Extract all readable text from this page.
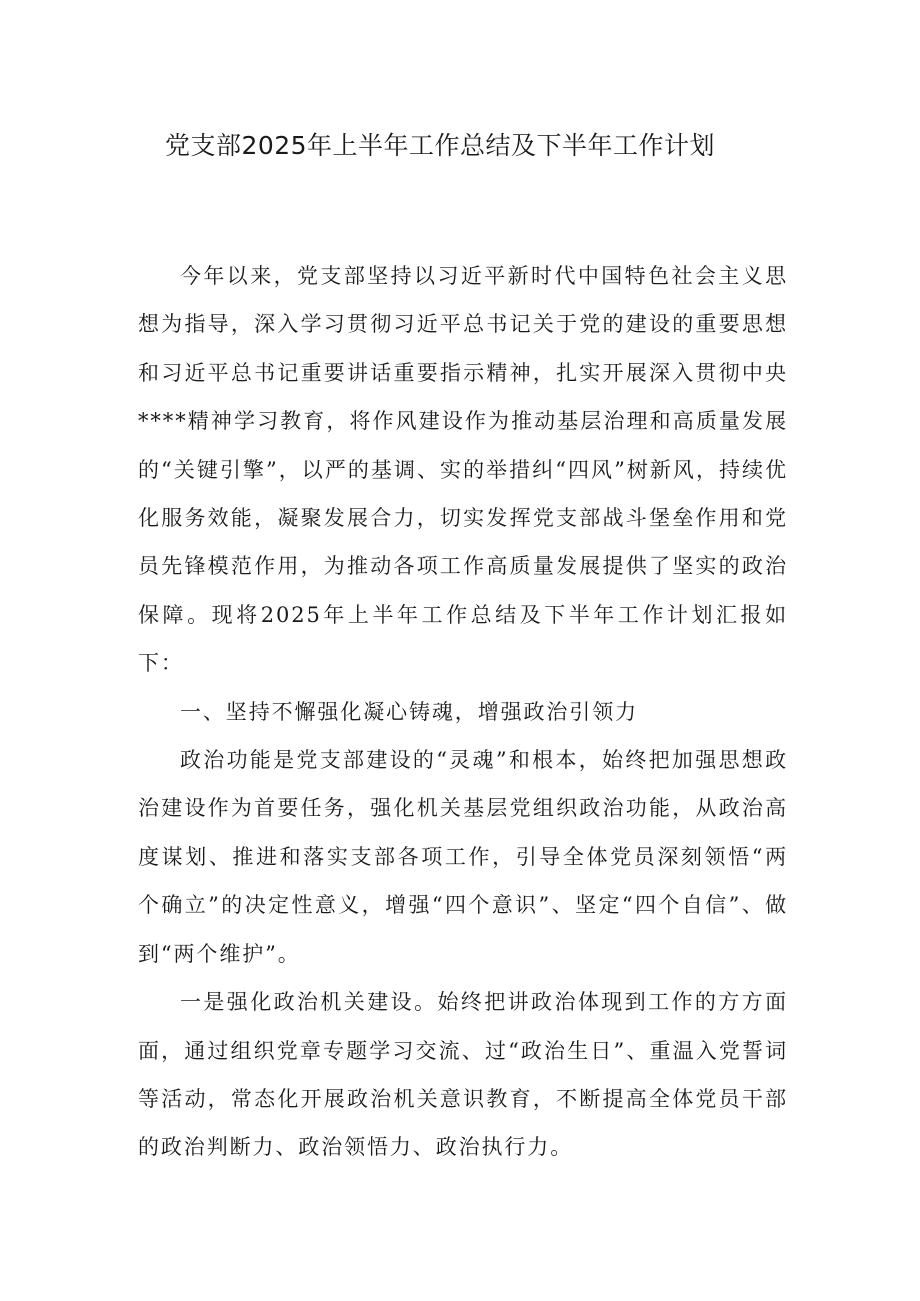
党支部2025年上半年工作总结及下半年工作计划

今年以来，党支部坚持以习近平新时代中国特色社会主义思想为指导，深入学习贯彻习近平总书记关于党的建设的重要思想和习近平总书记重要讲话重要指示精神，扎实开展深入贯彻中央****精神学习教育，将作风建设作为推动基层治理和高质量发展的“关键引擎”，以严的基调、实的举措纠“四风”树新风，持续优化服务效能，凝聚发展合力，切实发挥党支部战斗堡垒作用和党员先锋模范作用，为推动各项工作高质量发展提供了坚实的政治保障。现将2025年上半年工作总结及下半年工作计划汇报如下：

一、坚持不懈强化凝心铸魂，增强政治引领力

政治功能是党支部建设的“灵魂”和根本，始终把加强思想政治建设作为首要任务，强化机关基层党组织政治功能，从政治高度谋划、推进和落实支部各项工作，引导全体党员深刻领悟“两个确立”的决定性意义，增强“四个意识”、坚定“四个自信”、做到“两个维护”。

一是强化政治机关建设。始终把讲政治体现到工作的方方面面，通过组织党章专题学习交流、过“政治生日”、重温入党誓词等活动，常态化开展政治机关意识教育，不断提高全体党员干部的政治判断力、政治领悟力、政治执行力。
